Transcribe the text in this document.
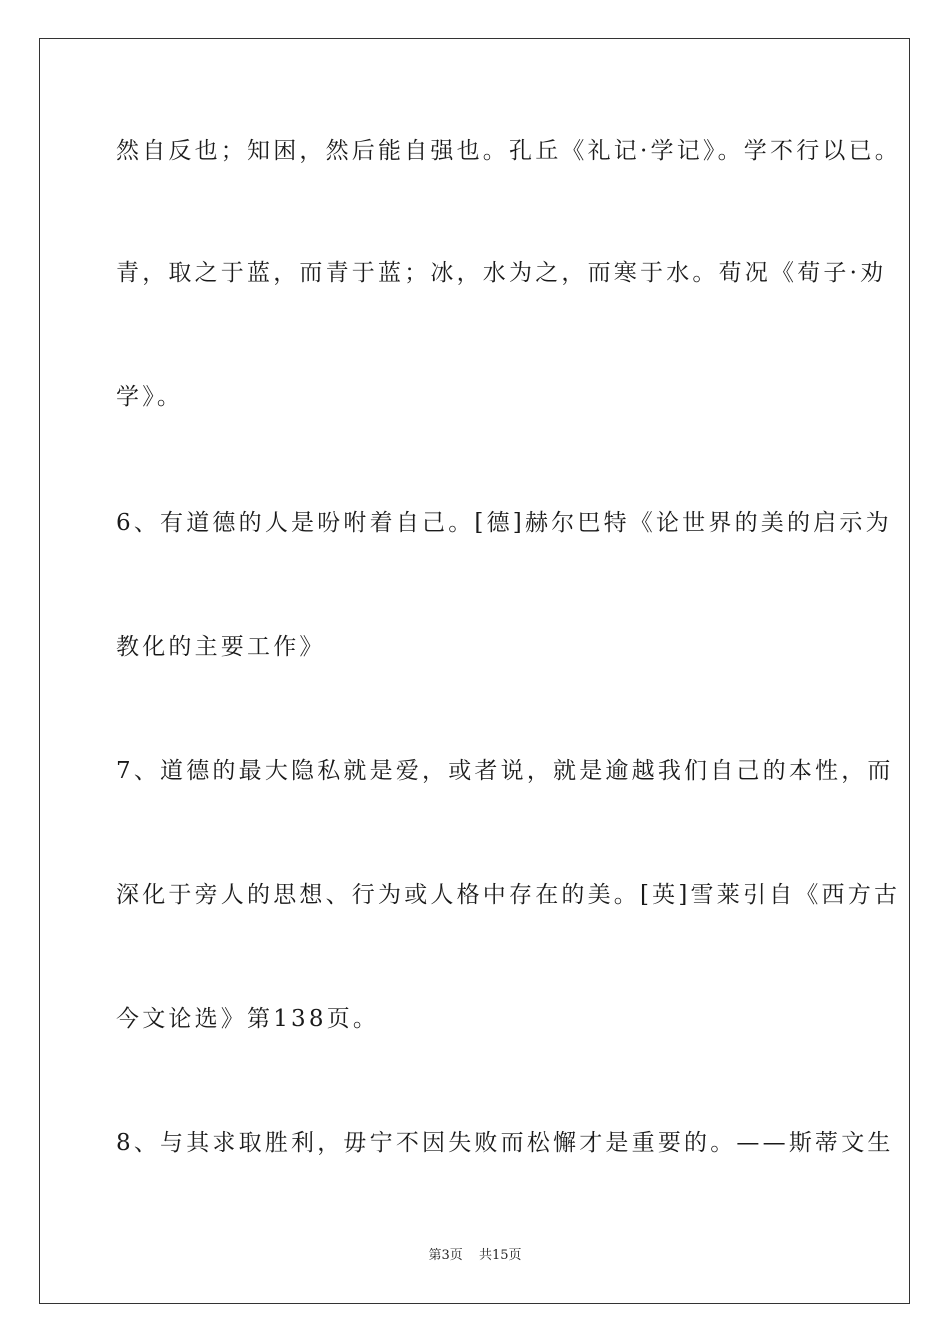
然自反也；知困，然后能自强也。孔丘《礼记·学记》。学不行以已。
青，取之于蓝，而青于蓝；冰，水为之，而寒于水。荀况《荀子·劝
学》。
6、有道德的人是吩咐着自己。[德]赫尔巴特《论世界的美的启示为
教化的主要工作》
7、道德的最大隐私就是爱，或者说，就是逾越我们自己的本性，而
深化于旁人的思想、行为或人格中存在的美。[英]雪莱引自《西方古
今文论选》第138页。
8、与其求取胜利，毋宁不因失败而松懈才是重要的。——斯蒂文生
第3页 共15页
